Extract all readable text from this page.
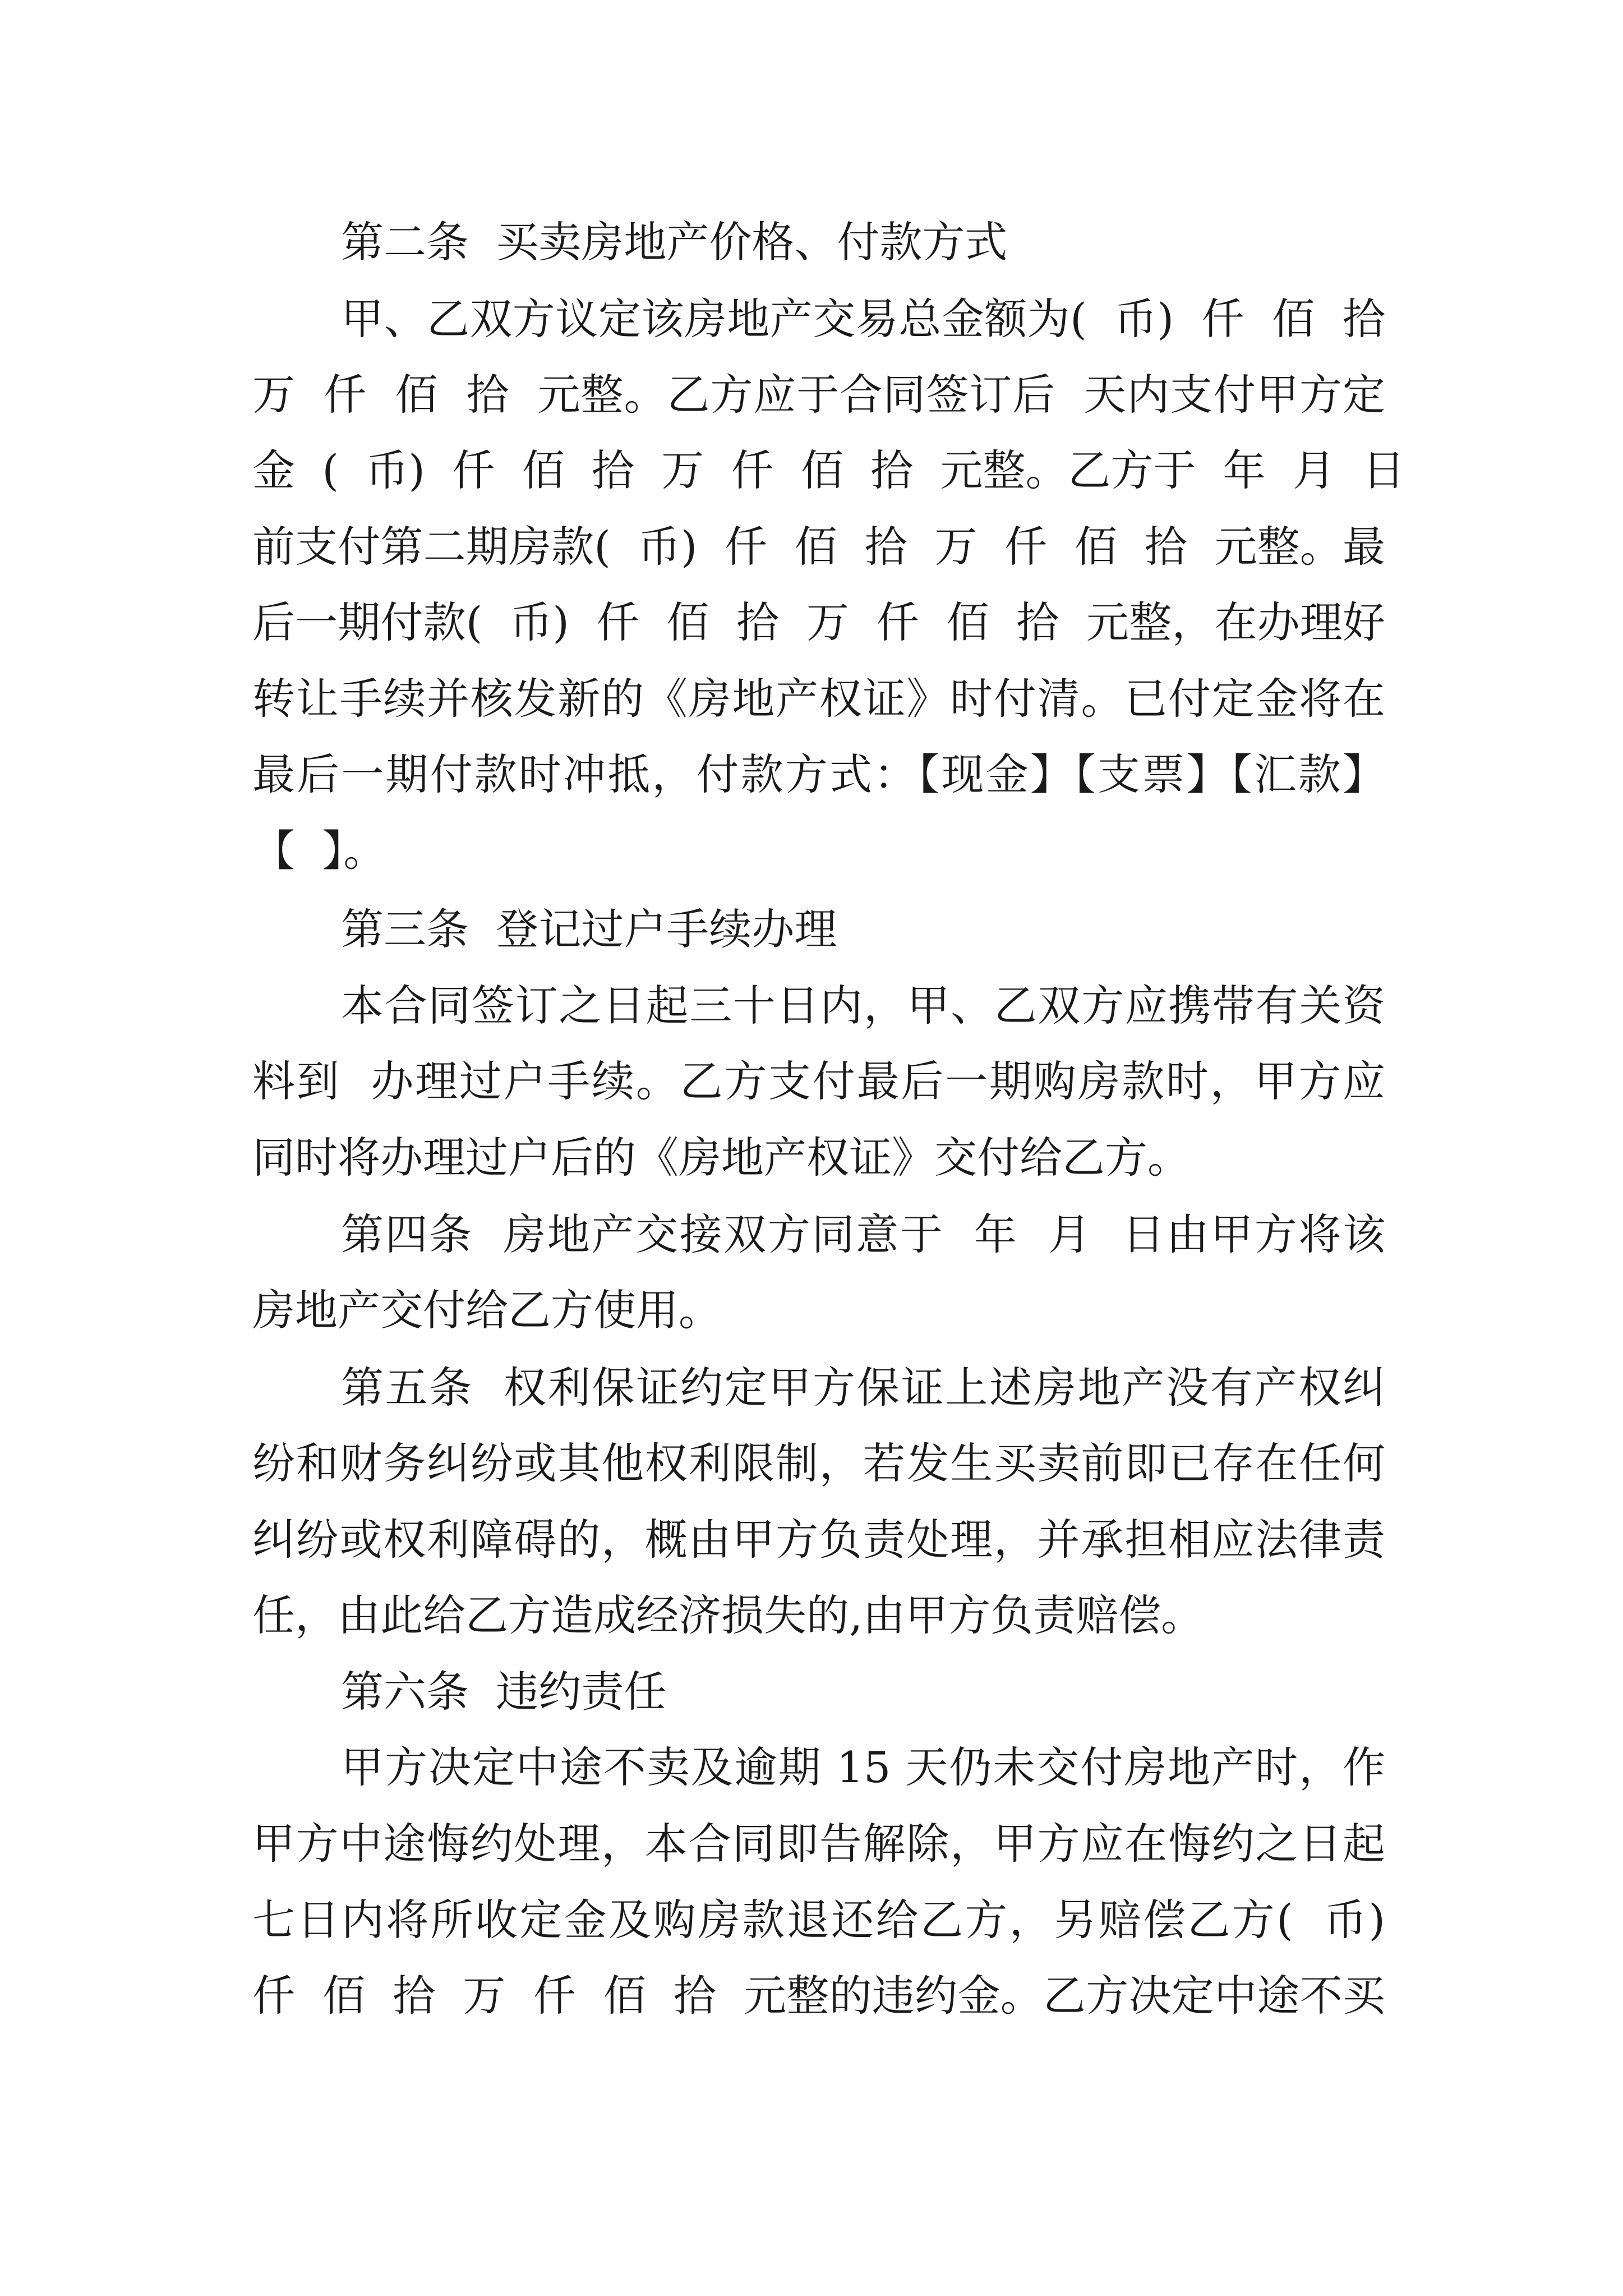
第二条  买卖房地产价格、付款方式
甲、乙双方议定该房地产交易总金额为(  币)  仟  佰  拾
万  仟  佰  拾  元整。乙方应于合同签订后  天内支付甲方定
金  (  币)  仟  佰  拾  万  仟  佰  拾  元整。乙方于  年  月  日
前支付第二期房款(  币)  仟  佰  拾  万  仟  佰  拾  元整。最
后一期付款(  币)  仟  佰  拾  万  仟  佰  拾  元整，在办理好
转让手续并核发新的《房地产权证》时付清。已付定金将在
最后一期付款时冲抵，付款方式：【现金】【支票】【汇款】
【  】。
第三条  登记过户手续办理
本合同签订之日起三十日内，甲、乙双方应携带有关资
料到  办理过户手续。乙方支付最后一期购房款时，甲方应
同时将办理过户后的《房地产权证》交付给乙方。
第四条  房地产交接双方同意于  年  月  日由甲方将该
房地产交付给乙方使用。
第五条  权利保证约定甲方保证上述房地产没有产权纠
纷和财务纠纷或其他权利限制，若发生买卖前即已存在任何
纠纷或权利障碍的，概由甲方负责处理，并承担相应法律责
任，由此给乙方造成经济损失的,由甲方负责赔偿。
第六条  违约责任
甲方决定中途不卖及逾期 15 天仍未交付房地产时，作
甲方中途悔约处理，本合同即告解除，甲方应在悔约之日起
七日内将所收定金及购房款退还给乙方，另赔偿乙方(  币)
仟  佰  拾  万  仟  佰  拾  元整的违约金。乙方决定中途不买
